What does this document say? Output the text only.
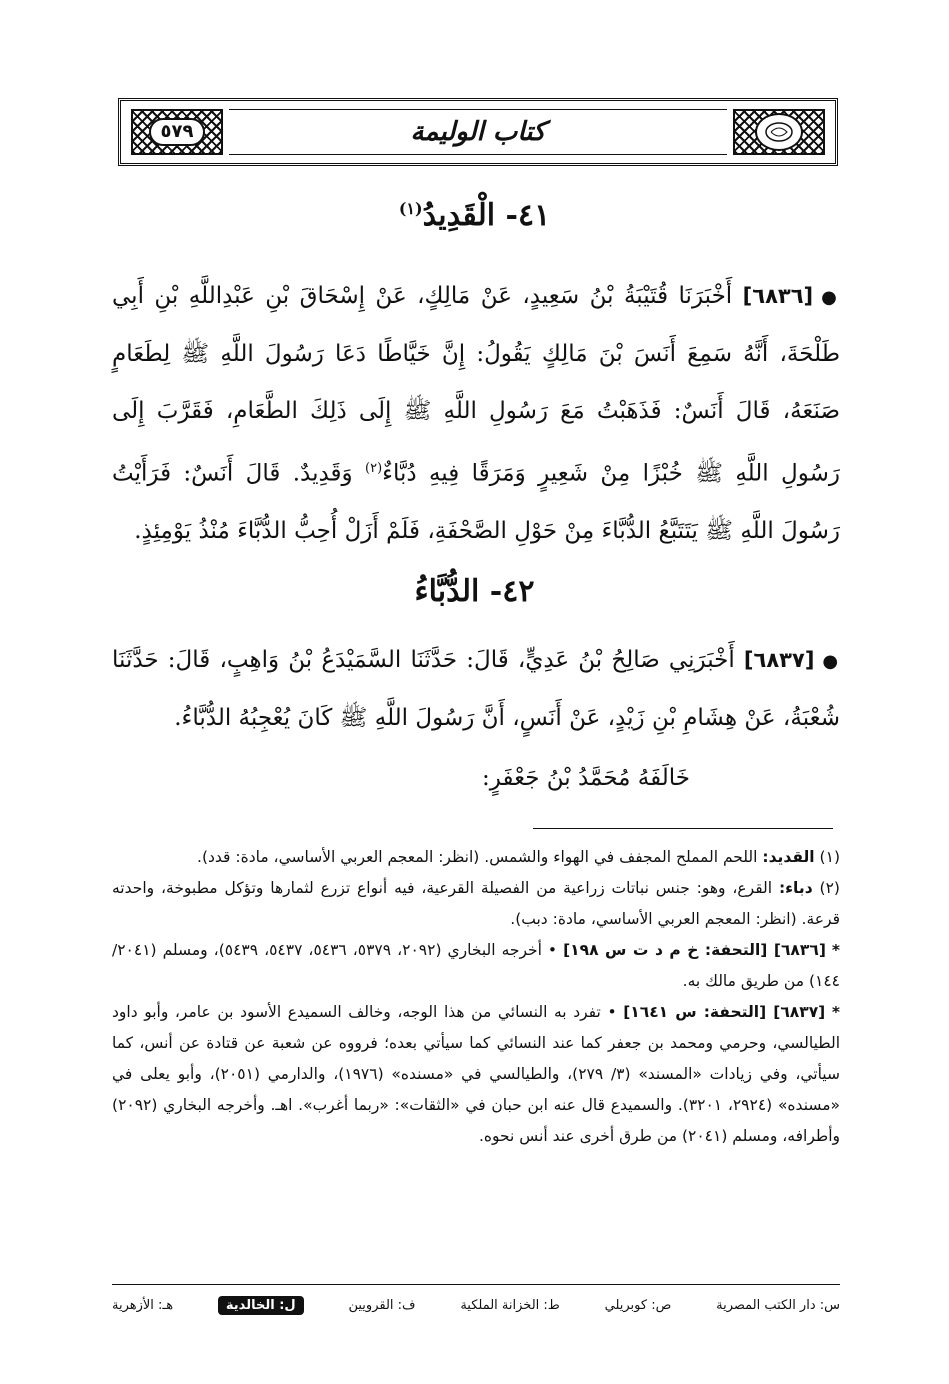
٥٧٩	كتاب الوليمة
٤١- الْقَدِيدُ$^{(١)}$
●[٦٨٣٦] أَخْبَرَنَا قُتَيْبَةُ بْنُ سَعِيدٍ، عَنْ مَالِكٍ، عَنْ إِسْحَاقَ بْنِ عَبْدِاللَّهِ بْنِ أَبِي طَلْحَةَ، أَنَّهُ سَمِعَ أَنَسَ بْنَ مَالِكٍ يَقُولُ: إِنَّ خَيَّاطًا دَعَا رَسُولَ اللَّهِ ﷺ لِطَعَامٍ صَنَعَهُ، قَالَ أَنَسٌ: فَذَهَبْتُ مَعَ رَسُولِ اللَّهِ ﷺ إِلَى ذَلِكَ الطَّعَامِ، فَقَرَّبَ إِلَى رَسُولِ اللَّهِ ﷺ خُبْزًا مِنْ شَعِيرٍ وَمَرَقًا فِيهِ دُبَّاءٌ$^{(٢)}$ وَقَدِيدٌ. قَالَ أَنَسٌ: فَرَأَيْتُ رَسُولَ اللَّهِ ﷺ يَتَتَبَّعُ الدُّبَّاءَ مِنْ حَوْلِ الصَّحْفَةِ، فَلَمْ أَزَلْ أُحِبُّ الدُّبَّاءَ مُنْذُ يَوْمِئِذٍ.
٤٢- الدُّبَّاءُ
●[٦٨٣٧] أَخْبَرَنِي صَالِحُ بْنُ عَدِيٍّ، قَالَ: حَدَّثَنَا السَّمَيْدَعُ بْنُ وَاهِبٍ، قَالَ: حَدَّثَنَا شُعْبَةُ، عَنْ هِشَامِ بْنِ زَيْدٍ، عَنْ أَنَسٍ، أَنَّ رَسُولَ اللَّهِ ﷺ كَانَ يُعْجِبُهُ الدُّبَّاءُ.
خَالَفَهُ مُحَمَّدُ بْنُ جَعْفَرٍ:

(١) القديد: اللحم المملح المجفف في الهواء والشمس. (انظر: المعجم العربي الأساسي، مادة: قدد).

(٢) دباء: القرع، وهو: جنس نباتات زراعية من الفصيلة القرعية، فيه أنواع تزرع لثمارها وتؤكل مطبوخة، واحدته قرعة. (انظر: المعجم العربي الأساسي، مادة: دبب).

* [٦٨٣٦] [التحفة: خ م د ت س ١٩٨] • أخرجه البخاري (٢٠٩٢، ٥٣٧٩، ٥٤٣٦، ٥٤٣٧، ٥٤٣٩)، ومسلم (٢٠٤١/ ١٤٤) من طريق مالك به.

* [٦٨٣٧] [التحفة: س ١٦٤١] • تفرد به النسائي من هذا الوجه، وخالف السميدع الأسود بن عامر، وأبو داود الطيالسي، وحرمي ومحمد بن جعفر كما عند النسائي كما سيأتي بعده؛ فرووه عن شعبة عن قتادة عن أنس، كما سيأتي، وفي زيادات «المسند» (٣/ ٢٧٩)، والطيالسي في «مسنده» (١٩٧٦)، والدارمي (٢٠٥١)، وأبو يعلى في «مسنده» (٢٩٢٤، ٣٢٠١). والسميدع قال عنه ابن حبان في «الثقات»: «ربما أغرب». اهـ. وأخرجه البخاري (٢٠٩٢) وأطرافه، ومسلم (٢٠٤١) من طرق أخرى عند أنس نحوه.

س: دار الكتب المصرية
ص: كوبريلي
ط: الخزانة الملكية
ف: القرويين
ل: الخالدية
هـ: الأزهرية
